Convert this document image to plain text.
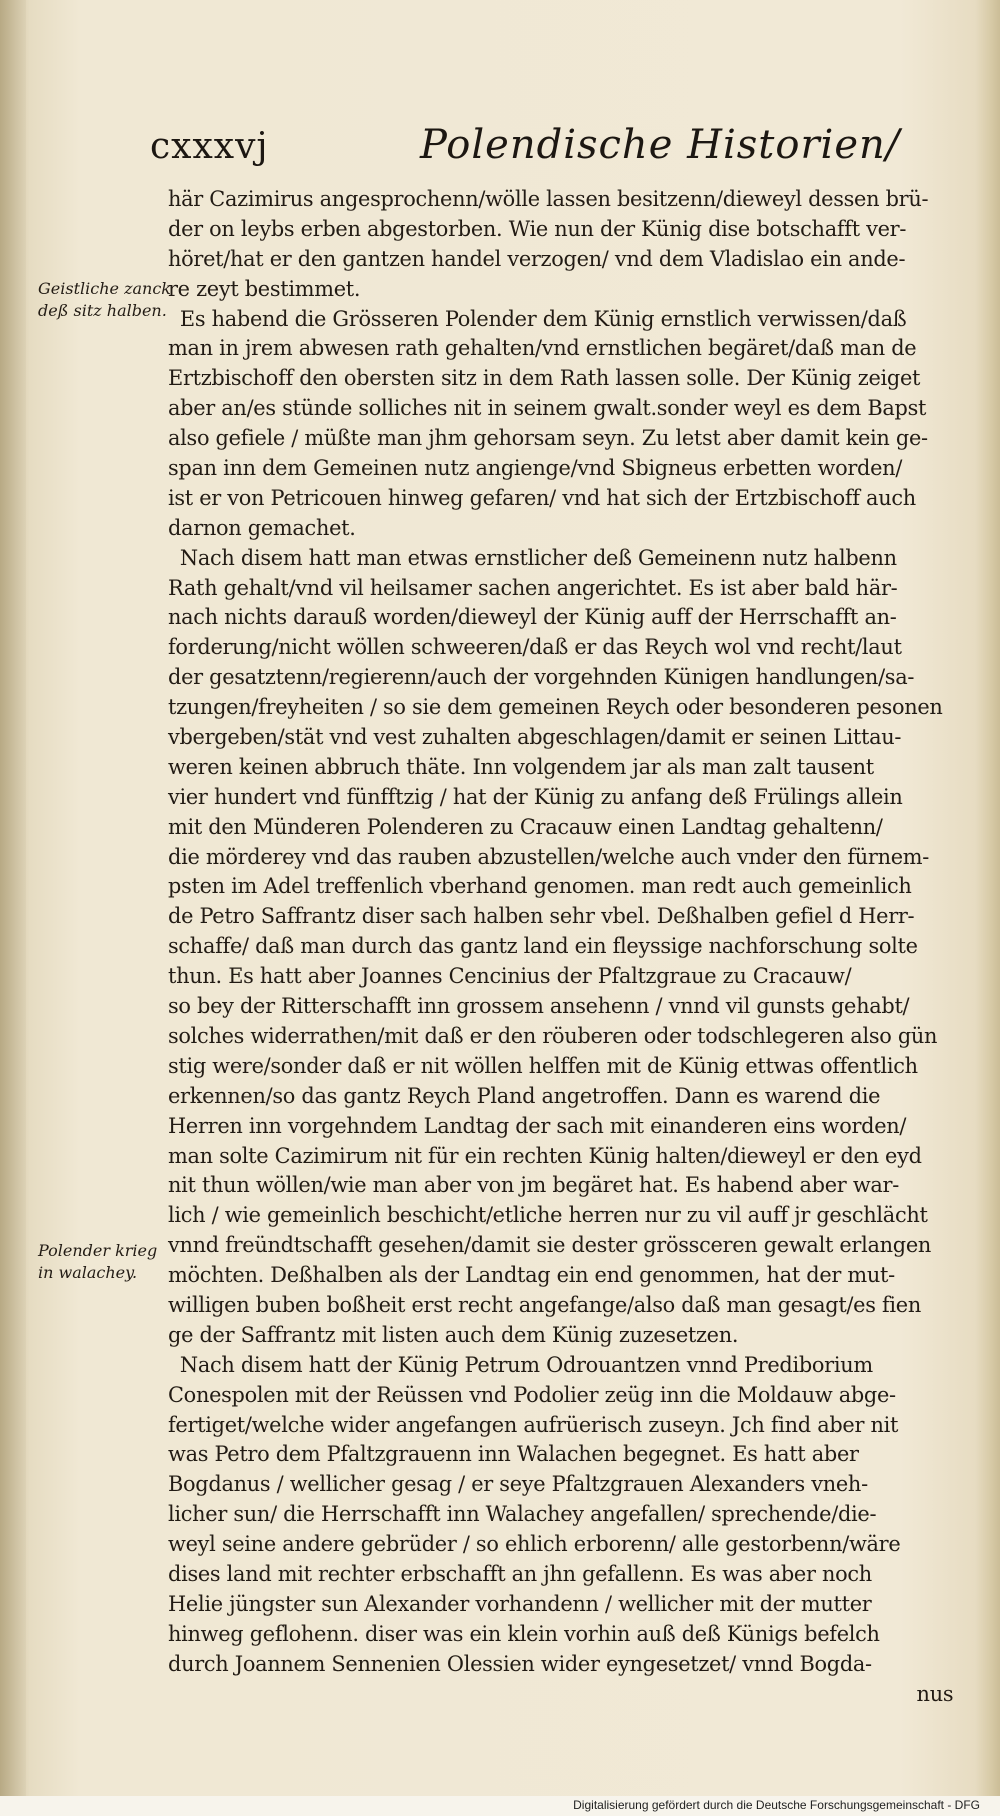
cxxxvj	Polendische Historien/
Geistliche zanck
deß sitz halben.
Polender krieg
in walachey.
här Cazimirus angesprochenn/wölle lassen besitzenn/dieweyl dessen brü-
der on leybs erben abgestorben. Wie nun der Künig dise botschafft ver-
höret/hat er den gantzen handel verzogen/ vnd dem Vladislao ein ande-
re zeyt bestimmet.
Es habend die Grösseren Polender dem Künig ernstlich verwissen/daß
man in jrem abwesen rath gehalten/vnd ernstlichen begäret/daß man de
Ertzbischoff den obersten sitz in dem Rath lassen solle. Der Künig zeiget
aber an/es stünde solliches nit in seinem gwalt.sonder weyl es dem Bapst
also gefiele / müßte man jhm gehorsam seyn. Zu letst aber damit kein ge-
span inn dem Gemeinen nutz angienge/vnd Sbigneus erbetten worden/
ist er von Petricouen hinweg gefaren/ vnd hat sich der Ertzbischoff auch
darnon gemachet.
Nach disem hatt man etwas ernstlicher deß Gemeinenn nutz halbenn
Rath gehalt/vnd vil heilsamer sachen angerichtet. Es ist aber bald här-
nach nichts darauß worden/dieweyl der Künig auff der Herrschafft an-
forderung/nicht wöllen schweeren/daß er das Reych wol vnd recht/laut
der gesatztenn/regierenn/auch der vorgehnden Künigen handlungen/sa-
tzungen/freyheiten / so sie dem gemeinen Reych oder besonderen pesonen
vbergeben/stät vnd vest zuhalten abgeschlagen/damit er seinen Littau-
weren keinen abbruch thäte. Inn volgendem jar als man zalt tausent
vier hundert vnd fünfftzig / hat der Künig zu anfang deß Frülings allein
mit den Münderen Polenderen zu Cracauw einen Landtag gehaltenn/
die mörderey vnd das rauben abzustellen/welche auch vnder den fürnem-
psten im Adel treffenlich vberhand genomen. man redt auch gemeinlich
de Petro Saffrantz diser sach halben sehr vbel. Deßhalben gefiel d Herr-
schaffe/ daß man durch das gantz land ein fleyssige nachforschung solte
thun. Es hatt aber Joannes Cencinius der Pfaltzgraue zu Cracauw/
so bey der Ritterschafft inn grossem ansehenn / vnnd vil gunsts gehabt/
solches widerrathen/mit daß er den röuberen oder todschlegeren also gün
stig were/sonder daß er nit wöllen helffen mit de Künig ettwas offentlich
erkennen/so das gantz Reych Pland angetroffen. Dann es warend die
Herren inn vorgehndem Landtag der sach mit einanderen eins worden/
man solte Cazimirum nit für ein rechten Künig halten/dieweyl er den eyd
nit thun wöllen/wie man aber von jm begäret hat. Es habend aber war-
lich / wie gemeinlich beschicht/etliche herren nur zu vil auff jr geschlächt
vnnd freündtschafft gesehen/damit sie dester grössceren gewalt erlangen
möchten. Deßhalben als der Landtag ein end genommen, hat der mut-
willigen buben boßheit erst recht angefange/also daß man gesagt/es fien
ge der Saffrantz mit listen auch dem Künig zuzesetzen.
Nach disem hatt der Künig Petrum Odrouantzen vnnd Prediborium
Conespolen mit der Reüssen vnd Podolier zeüg inn die Moldauw abge-
fertiget/welche wider angefangen aufrüerisch zuseyn. Jch find aber nit
was Petro dem Pfaltzgrauenn inn Walachen begegnet. Es hatt aber
Bogdanus / wellicher gesag / er seye Pfaltzgrauen Alexanders vneh-
licher sun/ die Herrschafft inn Walachey angefallen/ sprechende/die-
weyl seine andere gebrüder / so ehlich erborenn/ alle gestorbenn/wäre
dises land mit rechter erbschafft an jhn gefallenn. Es was aber noch
Helie jüngster sun Alexander vorhandenn / wellicher mit der mutter
hinweg geflohenn. diser was ein klein vorhin auß deß Künigs befelch
durch Joannem Sennenien Olessien wider eyngesetzet/ vnnd Bogda-
nus
Digitalisierung gefördert durch die Deutsche Forschungsgemeinschaft - DFG
